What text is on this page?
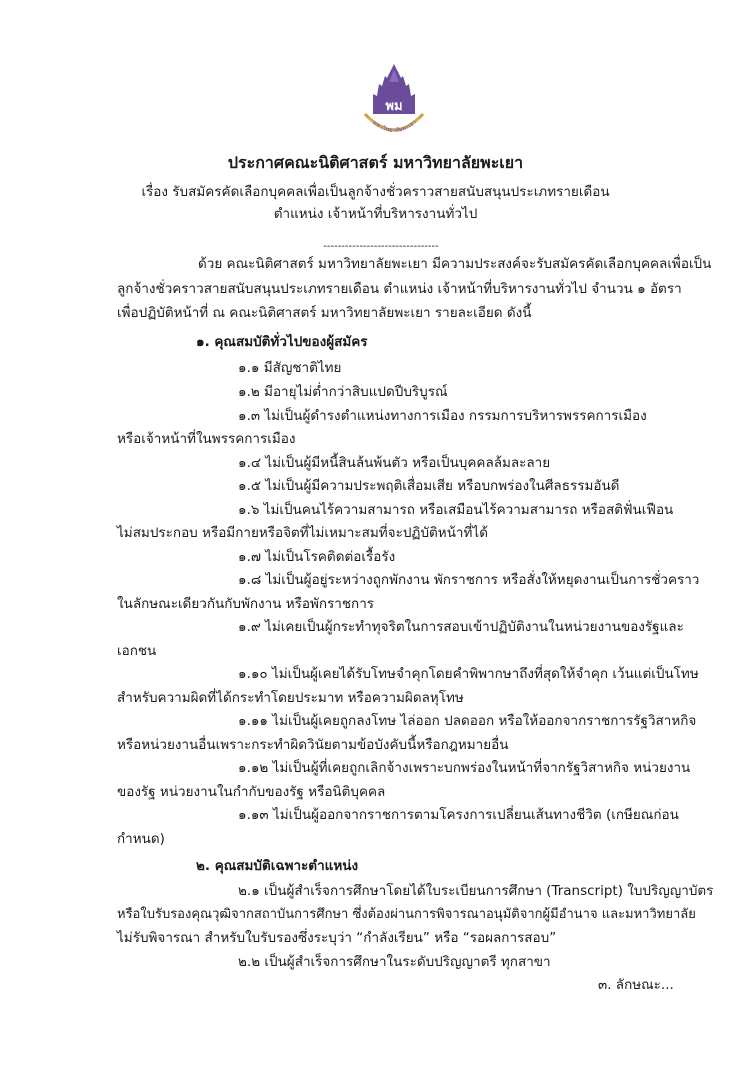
พม
มหาวิทยาลัยพะเยา
ประกาศคณะนิติศาสตร์ มหาวิทยาลัยพะเยา
เรื่อง รับสมัครคัดเลือกบุคคลเพื่อเป็นลูกจ้างชั่วคราวสายสนับสนุนประเภทรายเดือน
ตำแหน่ง เจ้าหน้าที่บริหารงานทั่วไป
--------------------------------
ด้วย คณะนิติศาสตร์ มหาวิทยาลัยพะเยา มีความประสงค์จะรับสมัครคัดเลือกบุคคลเพื่อเป็น
ลูกจ้างชั่วคราวสายสนับสนุนประเภทรายเดือน ตำแหน่ง เจ้าหน้าที่บริหารงานทั่วไป จำนวน ๑ อัตรา
เพื่อปฏิบัติหน้าที่ ณ คณะนิติศาสตร์ มหาวิทยาลัยพะเยา รายละเอียด ดังนี้
๑. คุณสมบัติทั่วไปของผู้สมัคร
๑.๑ มีสัญชาติไทย
๑.๒ มีอายุไม่ต่ำกว่าสิบแปดปีบริบูรณ์
๑.๓ ไม่เป็นผู้ดำรงตำแหน่งทางการเมือง กรรมการบริหารพรรคการเมือง
หรือเจ้าหน้าที่ในพรรคการเมือง
๑.๔ ไม่เป็นผู้มีหนี้สินล้นพ้นตัว หรือเป็นบุคคลล้มละลาย
๑.๕ ไม่เป็นผู้มีความประพฤติเสื่อมเสีย หรือบกพร่องในศีลธรรมอันดี
๑.๖ ไม่เป็นคนไร้ความสามารถ หรือเสมือนไร้ความสามารถ หรือสติฟั่นเฟือน
ไม่สมประกอบ หรือมีกายหรือจิตที่ไม่เหมาะสมที่จะปฏิบัติหน้าที่ได้
๑.๗ ไม่เป็นโรคติดต่อเรื้อรัง
๑.๘ ไม่เป็นผู้อยู่ระหว่างถูกพักงาน พักราชการ หรือสั่งให้หยุดงานเป็นการชั่วคราว
ในลักษณะเดียวกันกับพักงาน หรือพักราชการ
๑.๙ ไม่เคยเป็นผู้กระทำทุจริตในการสอบเข้าปฏิบัติงานในหน่วยงานของรัฐและ
เอกชน
๑.๑๐ ไม่เป็นผู้เคยได้รับโทษจำคุกโดยคำพิพากษาถึงที่สุดให้จำคุก เว้นแต่เป็นโทษ
สำหรับความผิดที่ได้กระทำโดยประมาท หรือความผิดลหุโทษ
๑.๑๑ ไม่เป็นผู้เคยถูกลงโทษ ไล่ออก ปลดออก หรือให้ออกจากราชการรัฐวิสาหกิจ
หรือหน่วยงานอื่นเพราะกระทำผิดวินัยตามข้อบังคับนี้หรือกฎหมายอื่น
๑.๑๒ ไม่เป็นผู้ที่เคยถูกเลิกจ้างเพราะบกพร่องในหน้าที่จากรัฐวิสาหกิจ หน่วยงาน
ของรัฐ หน่วยงานในกำกับของรัฐ หรือนิติบุคคล
๑.๑๓ ไม่เป็นผู้ออกจากราชการตามโครงการเปลี่ยนเส้นทางชีวิต (เกษียณก่อน
กำหนด)
๒. คุณสมบัติเฉพาะตำแหน่ง
๒.๑ เป็นผู้สำเร็จการศึกษาโดยได้ใบระเบียนการศึกษา (Transcript) ใบปริญญาบัตร
หรือใบรับรองคุณวุฒิจากสถาบันการศึกษา ซึ่งต้องผ่านการพิจารณาอนุมัติจากผู้มีอำนาจ และมหาวิทยาลัย
ไม่รับพิจารณา สำหรับใบรับรองซึ่งระบุว่า “กำลังเรียน” หรือ “รอผลการสอบ”
๒.๒ เป็นผู้สำเร็จการศึกษาในระดับปริญญาตรี ทุกสาขา
๓. ลักษณะ...
